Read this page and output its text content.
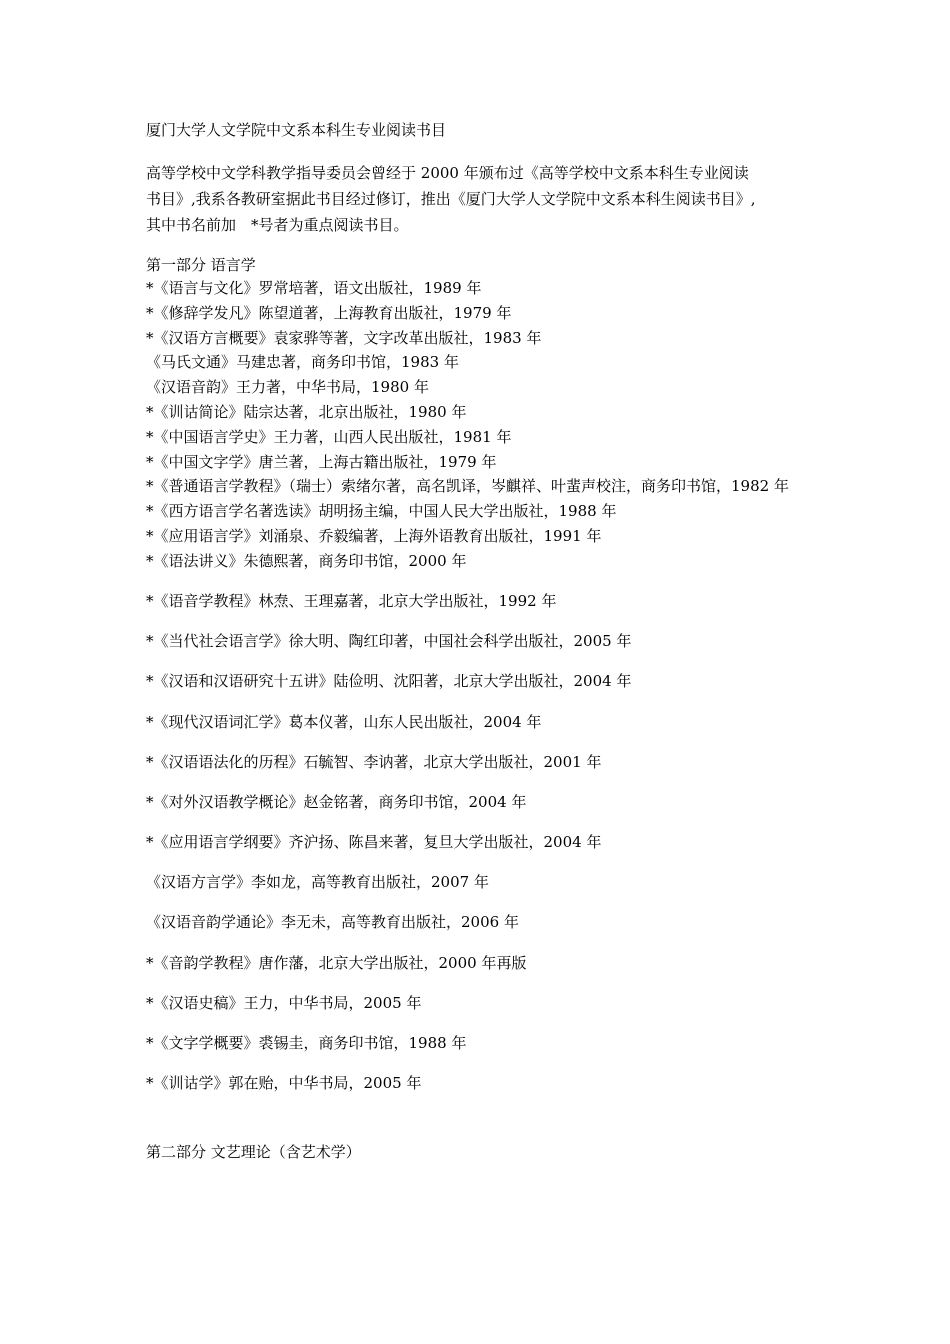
厦门大学人文学院中文系本科生专业阅读书目
高等学校中文学科教学指导委员会曾经于 2000 年颁布过《高等学校中文系本科生专业阅读
书目》,我系各教研室据此书目经过修订，推出《厦门大学人文学院中文系本科生阅读书目》,
其中书名前加　*号者为重点阅读书目。
第一部分 语言学
*《语言与文化》罗常培著，语文出版社，1989 年
*《修辞学发凡》陈望道著，上海教育出版社，1979 年
*《汉语方言概要》袁家骅等著，文字改革出版社，1983 年
《马氏文通》马建忠著，商务印书馆，1983 年
《汉语音韵》王力著，中华书局，1980 年
*《训诂简论》陆宗达著，北京出版社，1980 年
*《中国语言学史》王力著，山西人民出版社，1981 年
*《中国文字学》唐兰著，上海古籍出版社，1979 年
*《普通语言学教程》（瑞士）索绪尔著，高名凯译，岑麒祥、叶蜚声校注，商务印书馆，1982 年
*《西方语言学名著选读》胡明扬主编，中国人民大学出版社，1988 年
*《应用语言学》刘涌泉、乔毅编著，上海外语教育出版社，1991 年
*《语法讲义》朱德熙著，商务印书馆，2000 年
*《语音学教程》林焘、王理嘉著，北京大学出版社，1992 年
*《当代社会语言学》徐大明、陶红印著，中国社会科学出版社，2005 年
*《汉语和汉语研究十五讲》陆俭明、沈阳著，北京大学出版社，2004 年
*《现代汉语词汇学》葛本仪著，山东人民出版社，2004 年
*《汉语语法化的历程》石毓智、李讷著，北京大学出版社，2001 年
*《对外汉语教学概论》赵金铭著，商务印书馆，2004 年
*《应用语言学纲要》齐沪扬、陈昌来著，复旦大学出版社，2004 年
《汉语方言学》李如龙，高等教育出版社，2007 年
《汉语音韵学通论》李无未，高等教育出版社，2006 年
*《音韵学教程》唐作藩，北京大学出版社，2000 年再版
*《汉语史稿》王力，中华书局，2005 年
*《文字学概要》裘锡圭，商务印书馆，1988 年
*《训诂学》郭在贻，中华书局，2005 年
第二部分 文艺理论（含艺术学）
